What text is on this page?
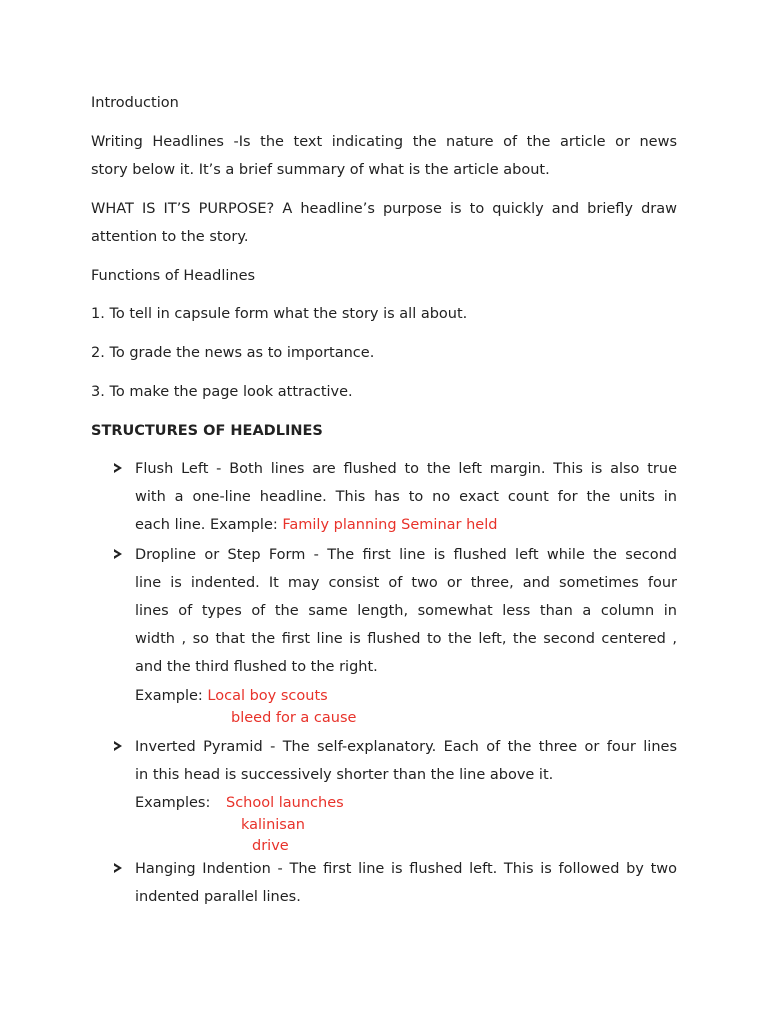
Introduction
Writing Headlines -Is the text indicating the nature of the article or news
story below it. It’s a brief summary of what is the article about.
WHAT IS IT’S PURPOSE? A headline’s purpose is to quickly and briefly draw
attention to the story.
Functions of Headlines
1. To tell in capsule form what the story is all about.
2. To grade the news as to importance.
3. To make the page look attractive.
STRUCTURES OF HEADLINES
Flush Left - Both lines are flushed to the left margin. This is also true
with a one-line headline. This has to no exact count for the units in
each line. Example: Family planning Seminar held
Dropline or Step Form - The first line is flushed left while the second
line is indented. It may consist of two or three, and sometimes four
lines of types of the same length, somewhat less than a column in
width , so that the first line is flushed to the left, the second centered ,
and the third flushed to the right.
Example: Local boy scouts
bleed for a cause
Inverted Pyramid - The self-explanatory. Each of the three or four lines
in this head is successively shorter than the line above it.
Examples: School launches
kalinisan
drive
Hanging Indention - The first line is flushed left. This is followed by two
indented parallel lines.
